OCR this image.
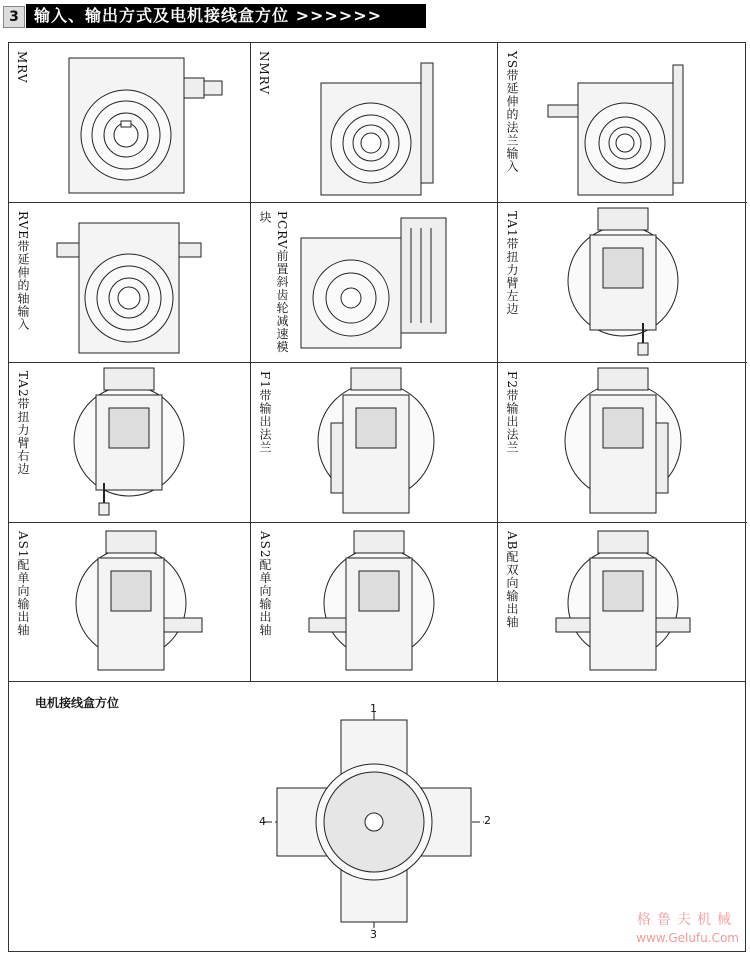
3 输入、输出方式及电机接线盒方位 >>>>>>
MRV	NMRV	YS带延伸的法兰输入
RVE带延伸的轴输入	PCRV前置斜齿轮减速模块	TA1带扭力臂左边
TA2带扭力臂右边	F1带输出法兰	F2带输出法兰
AS1配单向输出轴	AS2配单向输出轴	AB配双向输出轴
电机接线盒方位	1
2
3
4
格鲁夫机械
www.Gelufu.Com
